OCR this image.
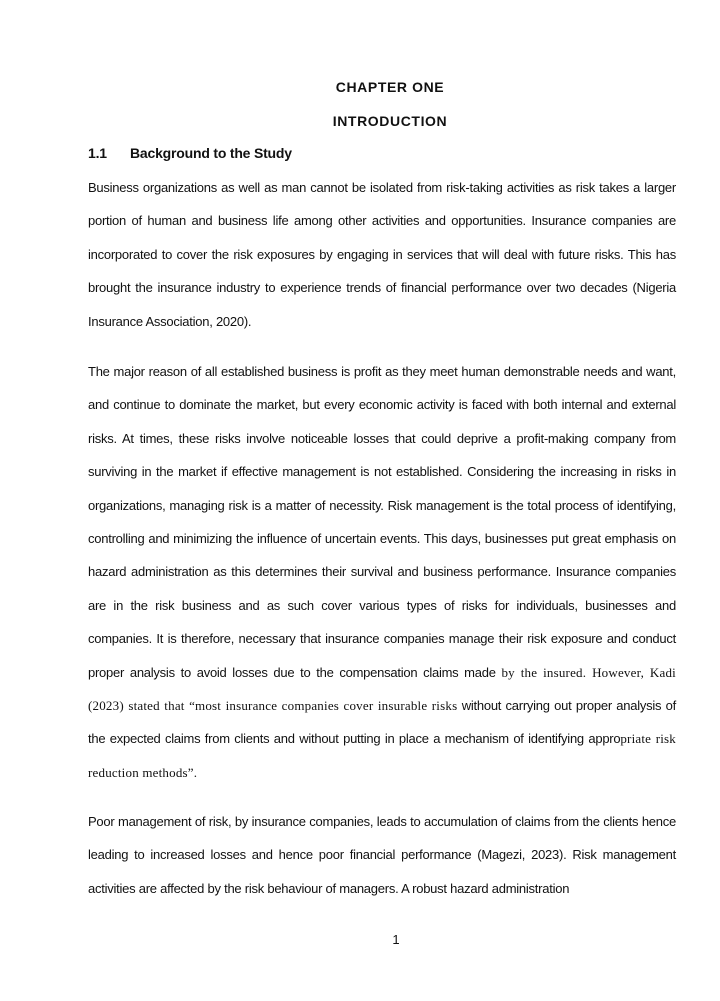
CHAPTER ONE
INTRODUCTION
1.1 Background to the Study

Business organizations as well as man cannot be isolated from risk-taking activities as risk takes a larger portion of human and business life among other activities and opportunities. Insurance companies are incorporated to cover the risk exposures by engaging in services that will deal with future risks. This has brought the insurance industry to experience trends of financial performance over two decades (Nigeria Insurance Association, 2020).

The major reason of all established business is profit as they meet human demonstrable needs and want, and continue to dominate the market, but every economic activity is faced with both internal and external risks. At times, these risks involve noticeable losses that could deprive a profit-making company from surviving in the market if effective management is not established. Considering the increasing in risks in organizations, managing risk is a matter of necessity. Risk management is the total process of identifying, controlling and minimizing the influence of uncertain events. This days, businesses put great emphasis on hazard administration as this determines their survival and business performance. Insurance companies are in the risk business and as such cover various types of risks for individuals, businesses and companies. It is therefore, necessary that insurance companies manage their risk exposure and conduct proper analysis to avoid losses due to the compensation claims made by the insured. However, Kadi (2023) stated that “most insurance companies cover insurable risks without carrying out proper analysis of the expected claims from clients and without putting in place a mechanism of identifying appropriate risk reduction methods”.

Poor management of risk, by insurance companies, leads to accumulation of claims from the clients hence leading to increased losses and hence poor financial performance (Magezi, 2023). Risk management activities are affected by the risk behaviour of managers. A robust hazard administration

1
